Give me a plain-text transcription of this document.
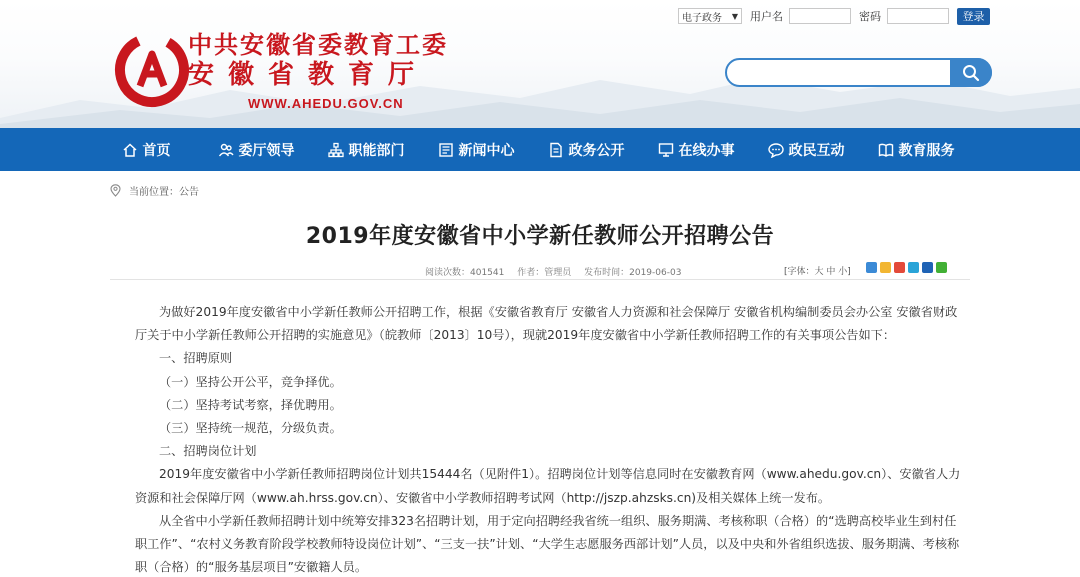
中共安徽省委教育工委
安徽省教育厅
WWW.AHEDU.GOV.CN
电子政务 ▼ 用户名	密码	登录
首页	委厅领导	职能部门	新闻中心	政务公开	在线办事	政民互动	教育服务
当前位置： 公告
2019年度安徽省中小学新任教师公开招聘公告
阅读次数：401541 作者：管理员 发布时间：2019-06-03	[字体：大 中 小]

为做好2019年度安徽省中小学新任教师公开招聘工作，根据《安徽省教育厅 安徽省人力资源和社会保障厅 安徽省机构编制委员会办公室 安徽省财政厅关于中小学新任教师公开招聘的实施意见》（皖教师〔2013〕10号），现就2019年度安徽省中小学新任教师招聘工作的有关事项公告如下：

一、招聘原则

（一）坚持公开公平，竞争择优。

（二）坚持考试考察，择优聘用。

（三）坚持统一规范，分级负责。

二、招聘岗位计划

2019年度安徽省中小学新任教师招聘岗位计划共15444名（见附件1）。招聘岗位计划等信息同时在安徽教育网（www.ahedu.gov.cn）、安徽省人力资源和社会保障厅网（www.ah.hrss.gov.cn）、安徽省中小学教师招聘考试网（http://jszp.ahzsks.cn)及相关媒体上统一发布。

从全省中小学新任教师招聘计划中统筹安排323名招聘计划，用于定向招聘经我省统一组织、服务期满、考核称职（合格）的“选聘高校毕业生到村任职工作”、“农村义务教育阶段学校教师特设岗位计划”、“三支一扶”计划、“大学生志愿服务西部计划”人员，以及中央和外省组织选拔、服务期满、考核称职（合格）的“服务基层项目”安徽籍人员。
